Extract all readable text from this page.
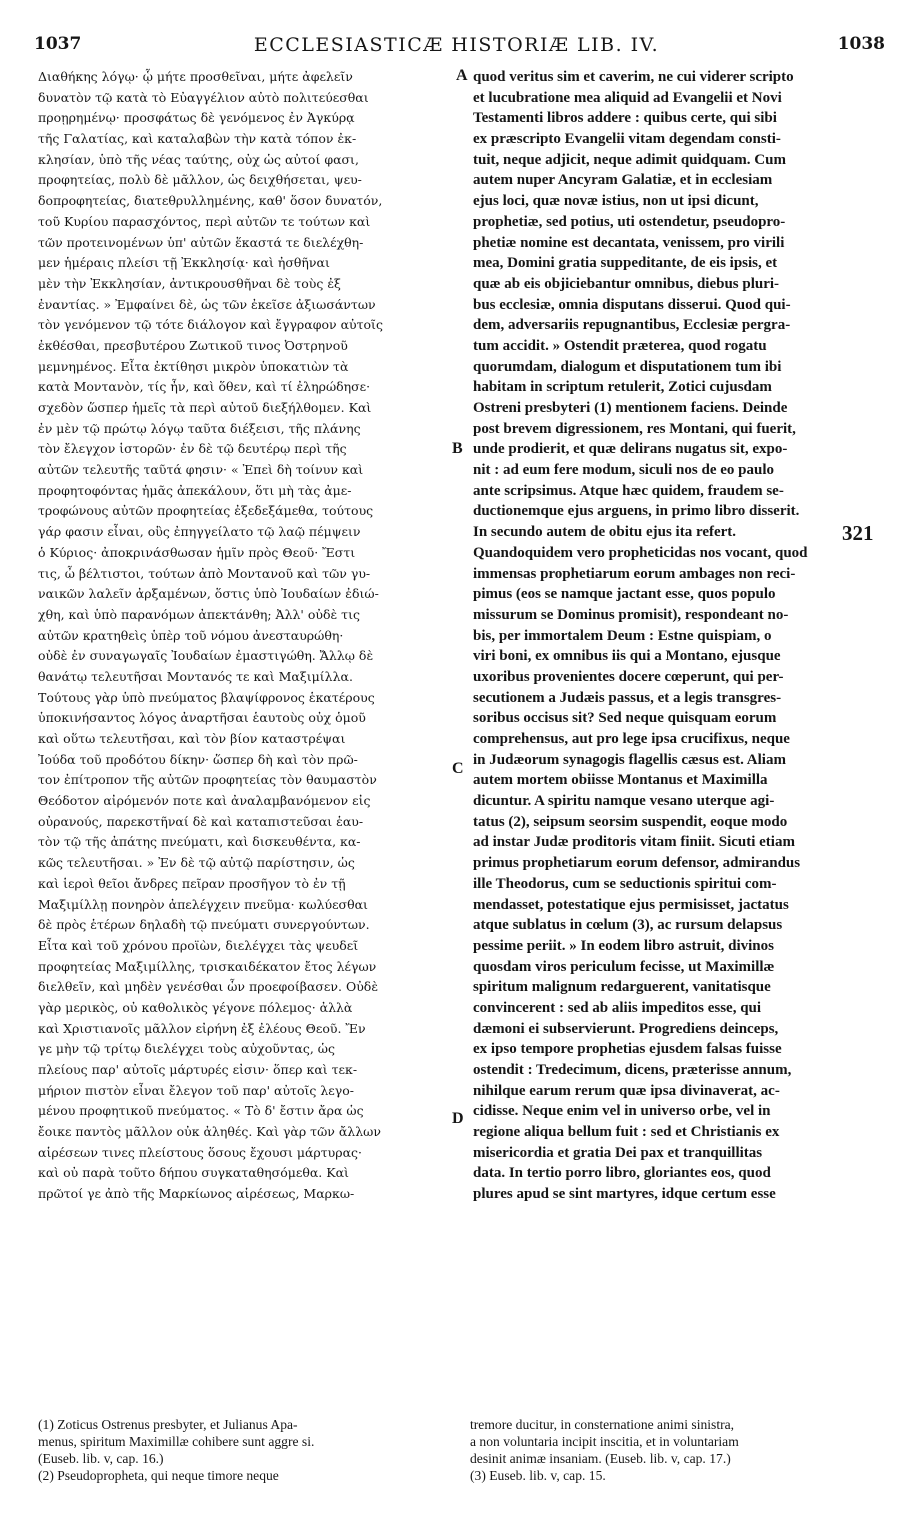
1037	ECCLESIASTICÆ HISTORIÆ LIB. IV.	1038

Διαθήκης λόγῳ· ᾧ μήτε προσθεῖναι, μήτε ἀφελεῖν

δυνατὸν τῷ κατὰ τὸ Εὐαγγέλιον αὐτὸ πολιτεύεσθαι

προῃρημένῳ· προσφάτως δὲ γενόμενος ἐν Ἀγκύρᾳ

τῆς Γαλατίας, καὶ καταλαβὼν τὴν κατὰ τόπον ἐκ-

κλησίαν, ὑπὸ τῆς νέας ταύτης, οὐχ ὡς αὐτοί φασι,

προφητείας, πολὺ δὲ μᾶλλον, ὡς δειχθήσεται, ψευ-

δοπροφητείας, διατεθρυλλημένης, καθ' ὅσον δυνατόν,

τοῦ Κυρίου παρασχόντος, περὶ αὐτῶν τε τούτων καὶ

τῶν προτεινομένων ὑπ' αὐτῶν ἕκαστά τε διελέχθη-

μεν ἡμέραις πλείσι τῇ Ἐκκλησίᾳ· καὶ ἠσθῆναι

μὲν τὴν Ἐκκλησίαν, ἀντικρουσθῆναι δὲ τοὺς ἐξ

ἐναντίας. » Ἐμφαίνει δὲ, ὡς τῶν ἐκεῖσε ἀξιωσάντων

τὸν γενόμενον τῷ τότε διάλογον καὶ ἔγγραφον αὐτοῖς

ἐκθέσθαι, πρεσβυτέρου Ζωτικοῦ τινος Ὀστρηνοῦ

μεμνημένος. Εἶτα ἐκτίθησι μικρὸν ὑποκατιὼν τὰ

κατὰ Μοντανὸν, τίς ἦν, καὶ ὅθεν, καὶ τί ἐληρώδησε·

σχεδὸν ὥσπερ ἡμεῖς τὰ περὶ αὐτοῦ διεξήλθομεν. Καὶ

ἐν μὲν τῷ πρώτῳ λόγῳ ταῦτα διέξεισι, τῆς πλάνης

τὸν ἔλεγχον ἱστορῶν· ἐν δὲ τῷ δευτέρῳ περὶ τῆς

αὐτῶν τελευτῆς ταῦτά φησιν· « Ἐπεὶ δὴ τοίνυν καὶ

προφητοφόντας ἡμᾶς ἀπεκάλουν, ὅτι μὴ τὰς ἀμε-

τροφώνους αὐτῶν προφητείας ἐξεδεξάμεθα, τούτους

γάρ φασιν εἶναι, οὓς ἐπηγγείλατο τῷ λαῷ πέμψειν

ὁ Κύριος· ἀποκρινάσθωσαν ἡμῖν πρὸς Θεοῦ· Ἔστι

τις, ὦ βέλτιστοι, τούτων ἀπὸ Μοντανοῦ καὶ τῶν γυ-

ναικῶν λαλεῖν ἀρξαμένων, ὅστις ὑπὸ Ἰουδαίων ἐδιώ-

χθη, καὶ ὑπὸ παρανόμων ἀπεκτάνθη; Ἀλλ' οὐδὲ τις

αὐτῶν κρατηθεὶς ὑπὲρ τοῦ νόμου ἀνεσταυρώθη·

οὐδὲ ἐν συναγωγαῖς Ἰουδαίων ἐμαστιγώθη. Ἄλλῳ δὲ

θανάτῳ τελευτῆσαι Μοντανός τε καὶ Μαξιμίλλα.

Τούτους γὰρ ὑπὸ πνεύματος βλαψίφρονος ἑκατέρους

ὑποκινήσαντος λόγος ἀναρτῆσαι ἑαυτοὺς οὐχ ὁμοῦ

καὶ οὕτω τελευτῆσαι, καὶ τὸν βίον καταστρέψαι

Ἰούδα τοῦ προδότου δίκην· ὥσπερ δὴ καὶ τὸν πρῶ-

τον ἐπίτροπον τῆς αὐτῶν προφητείας τὸν θαυμαστὸν

Θεόδοτον αἰρόμενόν ποτε καὶ ἀναλαμβανόμενον εἰς

οὐρανούς, παρεκστῆναί δὲ καὶ καταπιστεῦσαι ἑαυ-

τὸν τῷ τῆς ἀπάτης πνεύματι, καὶ δισκευθέντα, κα-

κῶς τελευτῆσαι. » Ἐν δὲ τῷ αὐτῷ παρίστησιν, ὡς

καὶ ἱεροὶ θεῖοι ἄνδρες πεῖραν προσῆγον τὸ ἐν τῇ

Μαξιμίλλῃ πονηρὸν ἀπελέγχειν πνεῦμα· κωλύεσθαι

δὲ πρὸς ἑτέρων δηλαδὴ τῷ πνεύματι συνεργούντων.

Εἶτα καὶ τοῦ χρόνου προϊὼν, διελέγχει τὰς ψευδεῖ

προφητείας Μαξιμίλλης, τρισκαιδέκατον ἔτος λέγων

διελθεῖν, καὶ μηδὲν γενέσθαι ὧν προεφοίβασεν. Οὐδὲ

γὰρ μερικὸς, οὐ καθολικὸς γέγονε πόλεμος· ἀλλὰ

καὶ Χριστιανοῖς μᾶλλον εἰρήνη ἐξ ἐλέους Θεοῦ. Ἔν

γε μὴν τῷ τρίτῳ διελέγχει τοὺς αὐχοῦντας, ὡς

πλείους παρ' αὐτοῖς μάρτυρές εἰσιν· ὅπερ καὶ τεκ-

μήριον πιστὸν εἶναι ἔλεγον τοῦ παρ' αὐτοῖς λεγο-

μένου προφητικοῦ πνεύματος. « Τὸ δ' ἔστιν ἄρα ὡς

ἔοικε παντὸς μᾶλλον οὐκ ἀληθές. Καὶ γὰρ τῶν ἄλλων

αἱρέσεων τινες πλείστους ὅσους ἔχουσι μάρτυρας·

καὶ οὐ παρὰ τοῦτο δήπου συγκαταθησόμεθα. Καὶ

πρῶτοί γε ἀπὸ τῆς Μαρκίωνος αἱρέσεως, Μαρκω-

quod veritus sim et caverim, ne cui viderer scripto

et lucubratione mea aliquid ad Evangelii et Novi

Testamenti libros addere : quibus certe, qui sibi

ex præscripto Evangelii vitam degendam consti-

tuit, neque adjicit, neque adimit quidquam. Cum

autem nuper Ancyram Galatiæ, et in ecclesiam

ejus loci, quæ novæ istius, non ut ipsi dicunt,

prophetiæ, sed potius, uti ostendetur, pseudopro-

phetiæ nomine est decantata, venissem, pro virili

mea, Domini gratia suppeditante, de eis ipsis, et

quæ ab eis objiciebantur omnibus, diebus pluri-

bus ecclesiæ, omnia disputans disserui. Quod qui-

dem, adversariis repugnantibus, Ecclesiæ pergra-

tum accidit. » Ostendit præterea, quod rogatu

quorumdam, dialogum et disputationem tum ibi

habitam in scriptum retulerit, Zotici cujusdam

Ostreni presbyteri (1) mentionem faciens. Deinde

post brevem digressionem, res Montani, qui fuerit,

unde prodierit, et quæ delirans nugatus sit, expo-

nit : ad eum fere modum, siculi nos de eo paulo

ante scripsimus. Atque hæc quidem, fraudem se-

ductionemque ejus arguens, in primo libro disserit.

In secundo autem de obitu ejus ita refert.

Quandoquidem vero propheticidas nos vocant, quod

immensas prophetiarum eorum ambages non reci-

pimus (eos se namque jactant esse, quos populo

missurum se Dominus promisit), respondeant no-

bis, per immortalem Deum : Estne quispiam, o

viri boni, ex omnibus iis qui a Montano, ejusque

uxoribus provenientes docere cœperunt, qui per-

secutionem a Judæis passus, et a legis transgres-

soribus occisus sit? Sed neque quisquam eorum

comprehensus, aut pro lege ipsa crucifixus, neque

in Judæorum synagogis flagellis cæsus est. Aliam

autem mortem obiisse Montanus et Maximilla

dicuntur. A spiritu namque vesano uterque agi-

tatus (2), seipsum seorsim suspendit, eoque modo

ad instar Judæ proditoris vitam finiit. Sicuti etiam

primus prophetiarum eorum defensor, admirandus

ille Theodorus, cum se seductionis spiritui com-

mendasset, potestatique ejus permisisset, jactatus

atque sublatus in cœlum (3), ac rursum delapsus

pessime periit. » In eodem libro astruit, divinos

quosdam viros periculum fecisse, ut Maximillæ

spiritum malignum redarguerent, vanitatisque

convincerent : sed ab aliis impeditos esse, qui

dæmoni ei subservierunt. Progrediens deinceps,

ex ipso tempore prophetias ejusdem falsas fuisse

ostendit : Tredecimum, dicens, præterisse annum,

nihilque earum rerum quæ ipsa divinaverat, ac-

cidisse. Neque enim vel in universo orbe, vel in

regione aliqua bellum fuit : sed et Christianis ex

misericordia et gratia Dei pax et tranquillitas

data. In tertio porro libro, gloriantes eos, quod

plures apud se sint martyres, idque certum esse

A
B
C
D
321

(1) Zoticus Ostrenus presbyter, et Julianus Apa-

menus, spiritum Maximillæ cohibere sunt aggre si.

(Euseb. lib. v, cap. 16.)

(2) Pseudopropheta, qui neque timore neque

tremore ducitur, in consternatione animi sinistra,

a non voluntaria incipit inscitia, et in voluntariam

desinit animæ insaniam. (Euseb. lib. v, cap. 17.)

(3) Euseb. lib. v, cap. 15.
